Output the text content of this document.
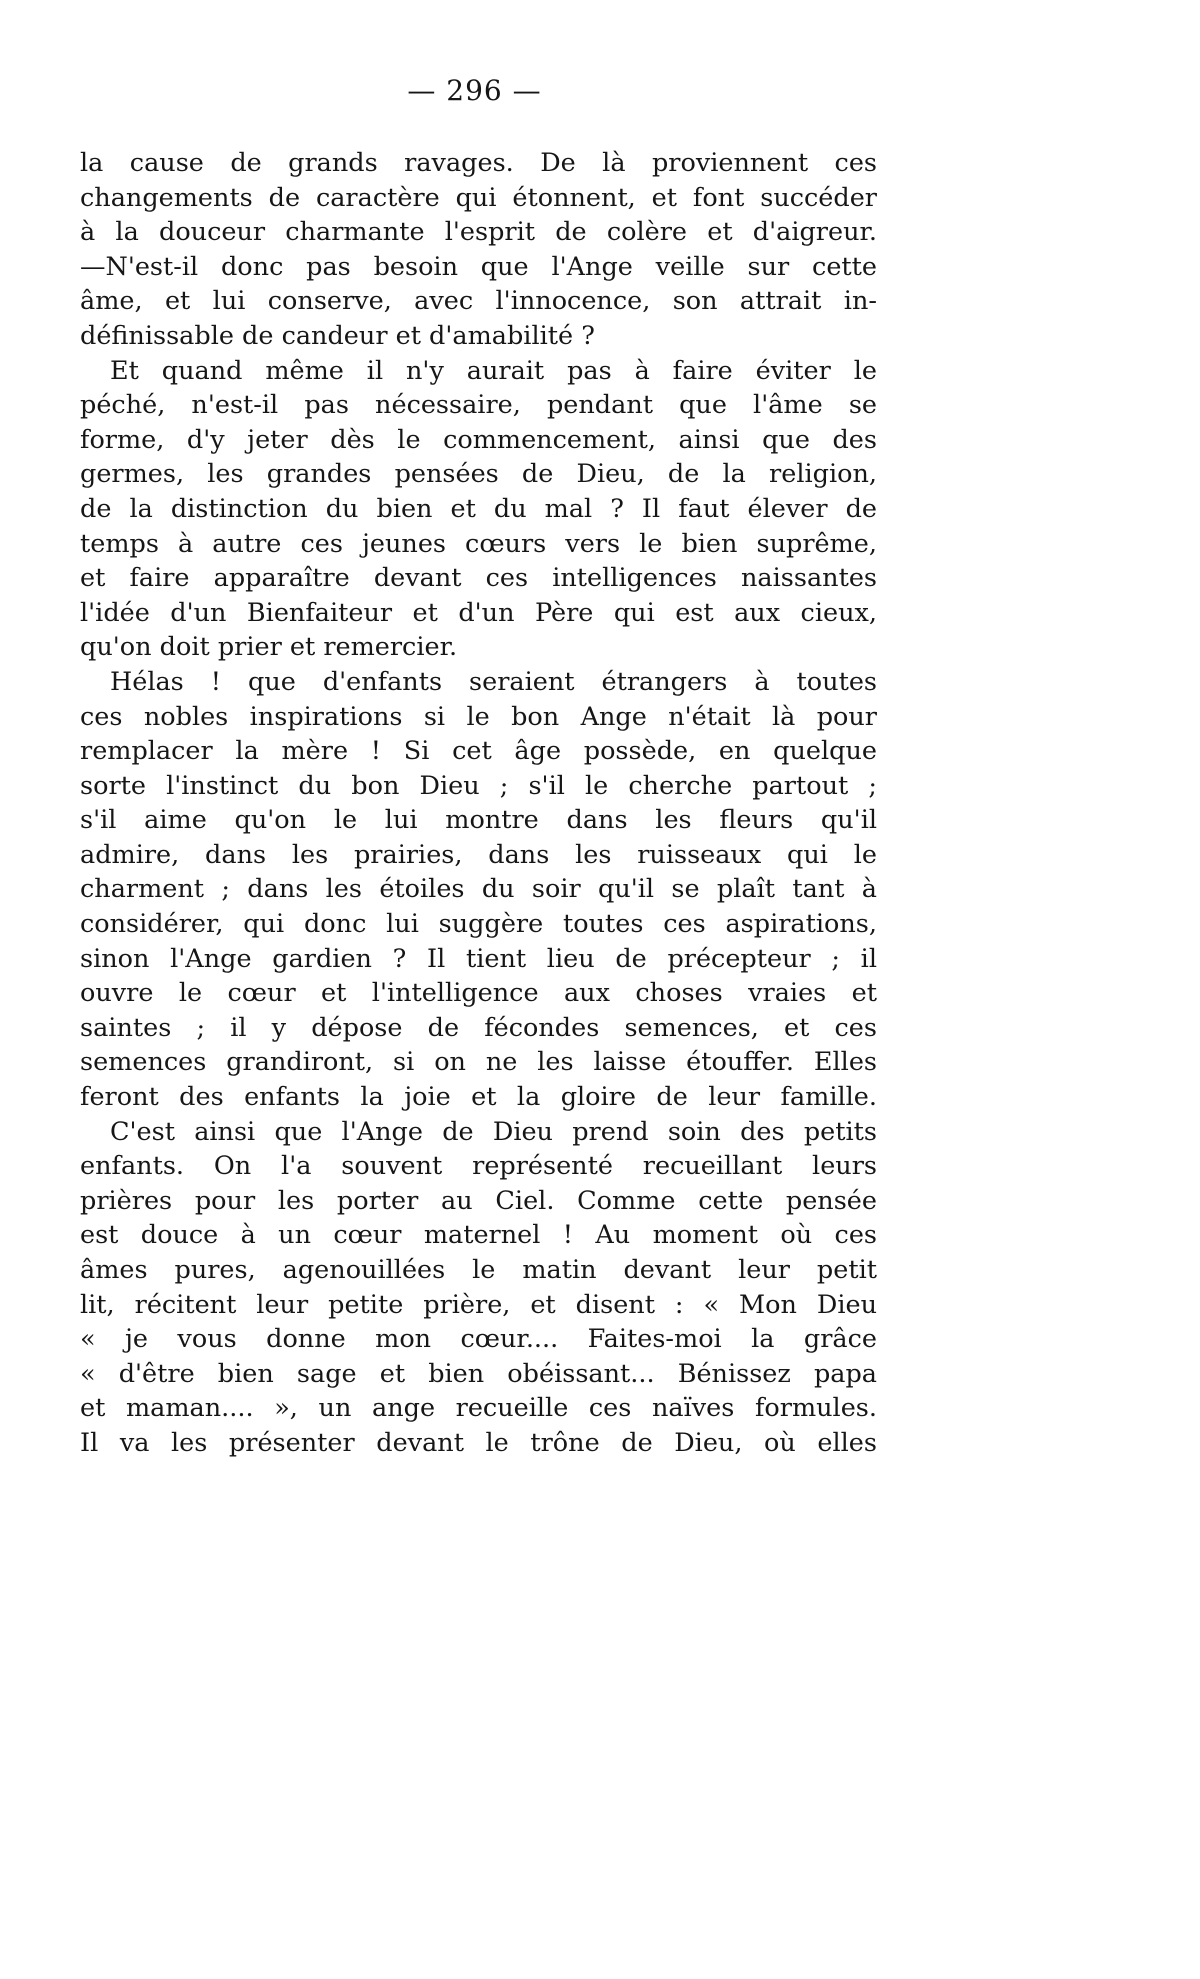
— 296 —
la cause de grands ravages. De là proviennent ces
changements de caractère qui étonnent, et font succéder
à la douceur charmante l'esprit de colère et d'aigreur.
—N'est-il donc pas besoin que l'Ange veille sur cette
âme, et lui conserve, avec l'innocence, son attrait in-
définissable de candeur et d'amabilité ?
Et quand même il n'y aurait pas à faire éviter le
péché, n'est-il pas nécessaire, pendant que l'âme se
forme, d'y jeter dès le commencement, ainsi que des
germes, les grandes pensées de Dieu, de la religion,
de la distinction du bien et du mal ? Il faut élever de
temps à autre ces jeunes cœurs vers le bien suprême,
et faire apparaître devant ces intelligences naissantes
l'idée d'un Bienfaiteur et d'un Père qui est aux cieux,
qu'on doit prier et remercier.
Hélas ! que d'enfants seraient étrangers à toutes
ces nobles inspirations si le bon Ange n'était là pour
remplacer la mère ! Si cet âge possède, en quelque
sorte l'instinct du bon Dieu ; s'il le cherche partout ;
s'il aime qu'on le lui montre dans les fleurs qu'il
admire, dans les prairies, dans les ruisseaux qui le
charment ; dans les étoiles du soir qu'il se plaît tant à
considérer, qui donc lui suggère toutes ces aspirations,
sinon l'Ange gardien ? Il tient lieu de précepteur ; il
ouvre le cœur et l'intelligence aux choses vraies et
saintes ; il y dépose de fécondes semences, et ces
semences grandiront, si on ne les laisse étouffer. Elles
feront des enfants la joie et la gloire de leur famille.
C'est ainsi que l'Ange de Dieu prend soin des petits
enfants. On l'a souvent représenté recueillant leurs
prières pour les porter au Ciel. Comme cette pensée
est douce à un cœur maternel ! Au moment où ces
âmes pures, agenouillées le matin devant leur petit
lit, récitent leur petite prière, et disent : « Mon Dieu
« je vous donne mon cœur.... Faites-moi la grâce
« d'être bien sage et bien obéissant... Bénissez papa
et maman.... », un ange recueille ces naïves formules.
Il va les présenter devant le trône de Dieu, où elles
